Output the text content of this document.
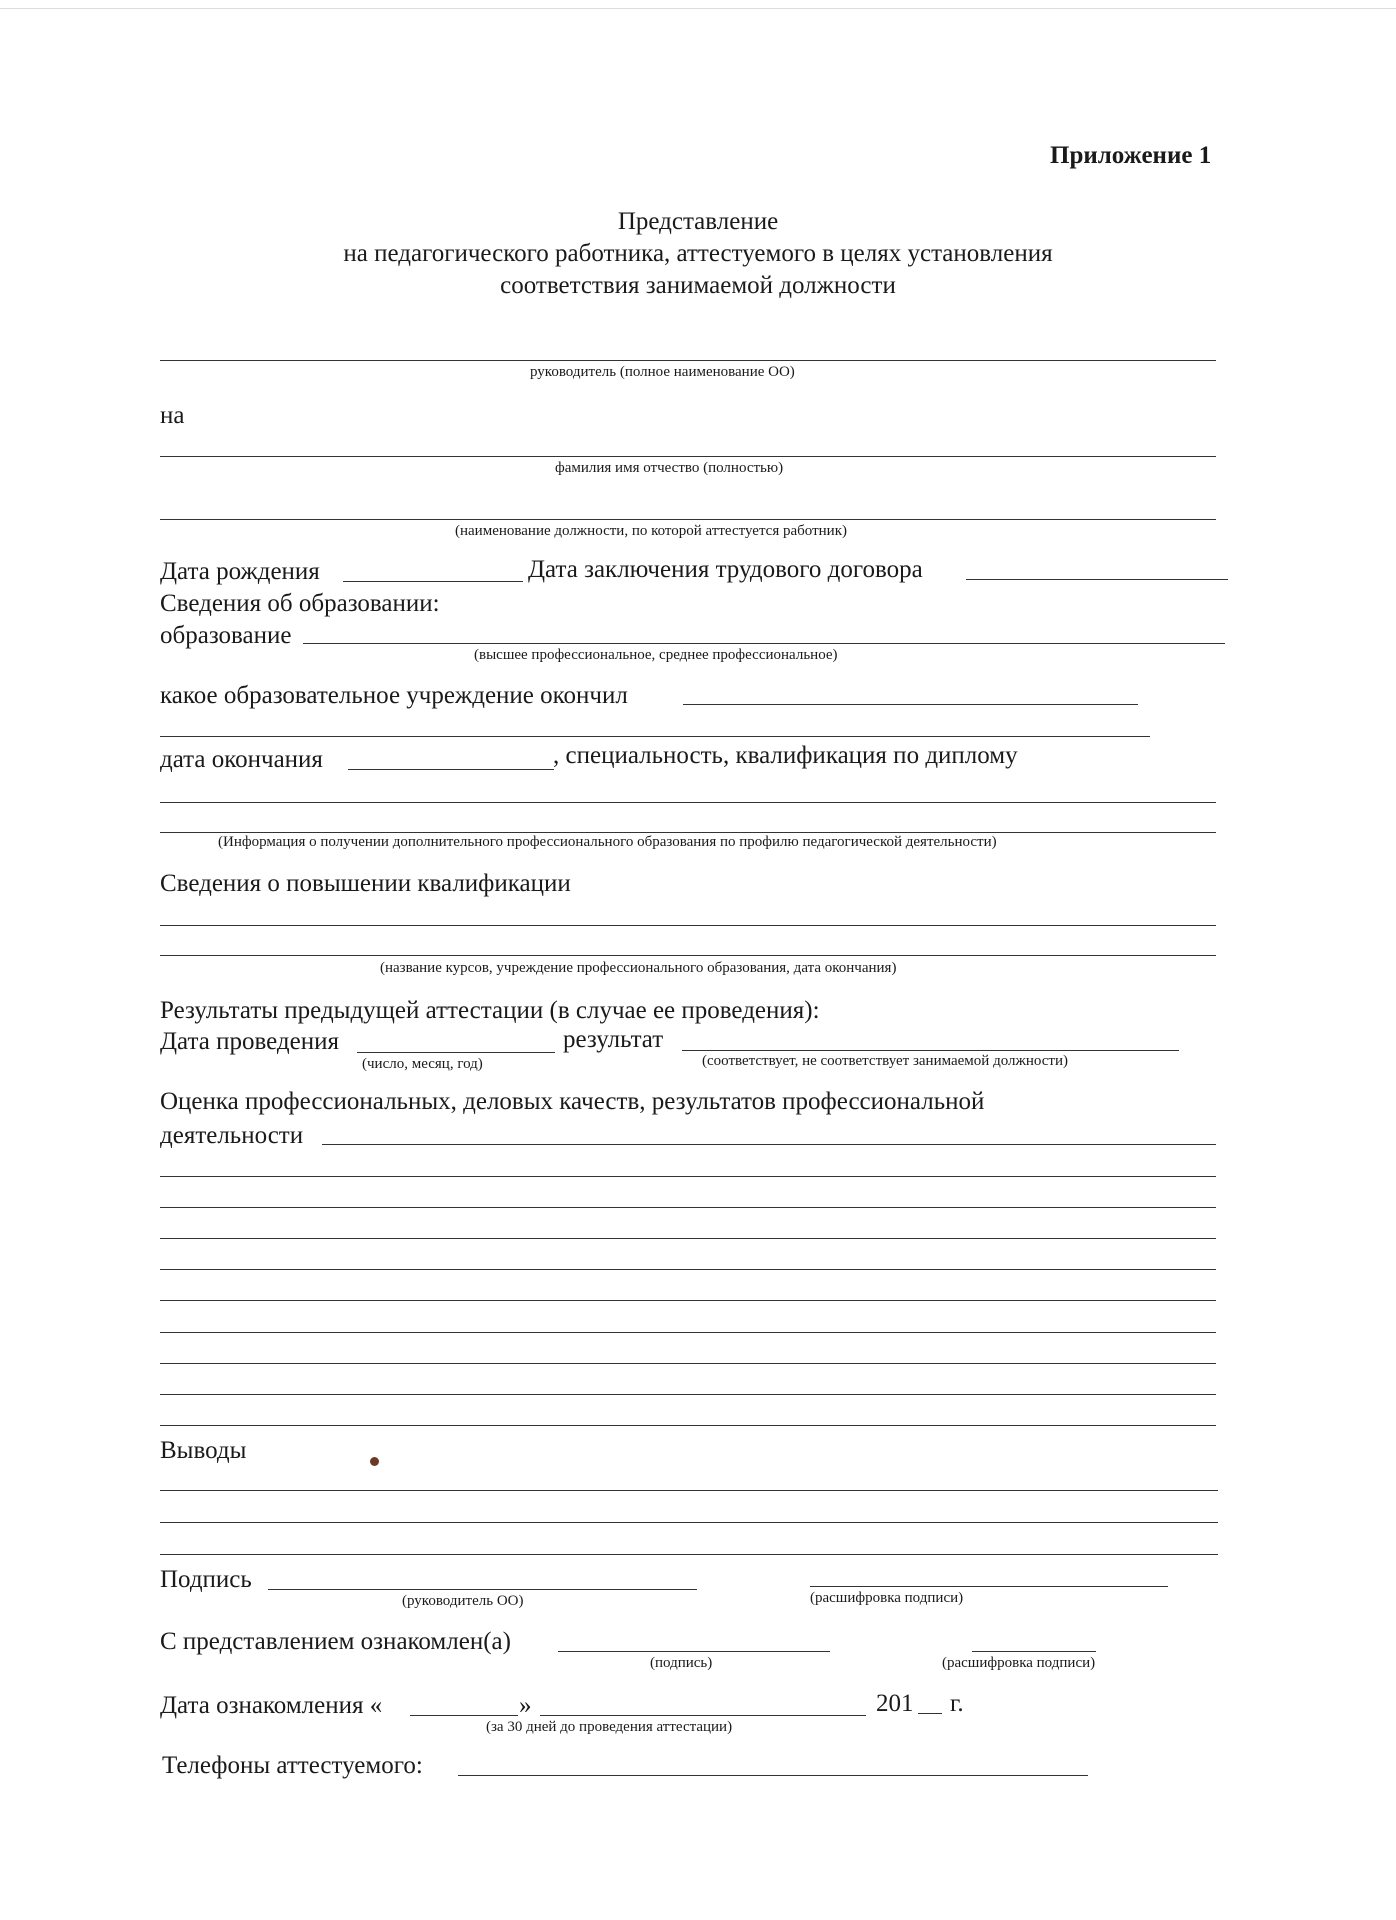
Приложение 1
Представление
на педагогического работника, аттестуемого в целях установления
соответствия занимаемой должности
руководитель (полное наименование ОО)
на
фамилия имя отчество (полностью)
(наименование должности, по которой аттестуется работник)
Дата рождения	Дата заключения трудового договора
Сведения об образовании:
образование
(высшее профессиональное, среднее профессиональное)
какое образовательное учреждение окончил
дата окончания	, специальность, квалификация по диплому
(Информация о получении дополнительного профессионального образования по профилю педагогической деятельности)
Сведения о повышении квалификации
(название курсов, учреждение профессионального образования, дата окончания)
Результаты предыдущей аттестации (в случае ее проведения):
Дата проведения
(число, месяц, год)
результат
(соответствует, не соответствует занимаемой должности)
Оценка профессиональных, деловых качеств, результатов профессиональной
деятельности
Выводы
Подпись
(руководитель ОО)	(расшифровка подписи)
С представлением ознакомлен(а)
(подпись)	(расшифровка подписи)
Дата ознакомления «	»
(за 30 дней до проведения аттестации)
201 г.
Телефоны аттестуемого:
